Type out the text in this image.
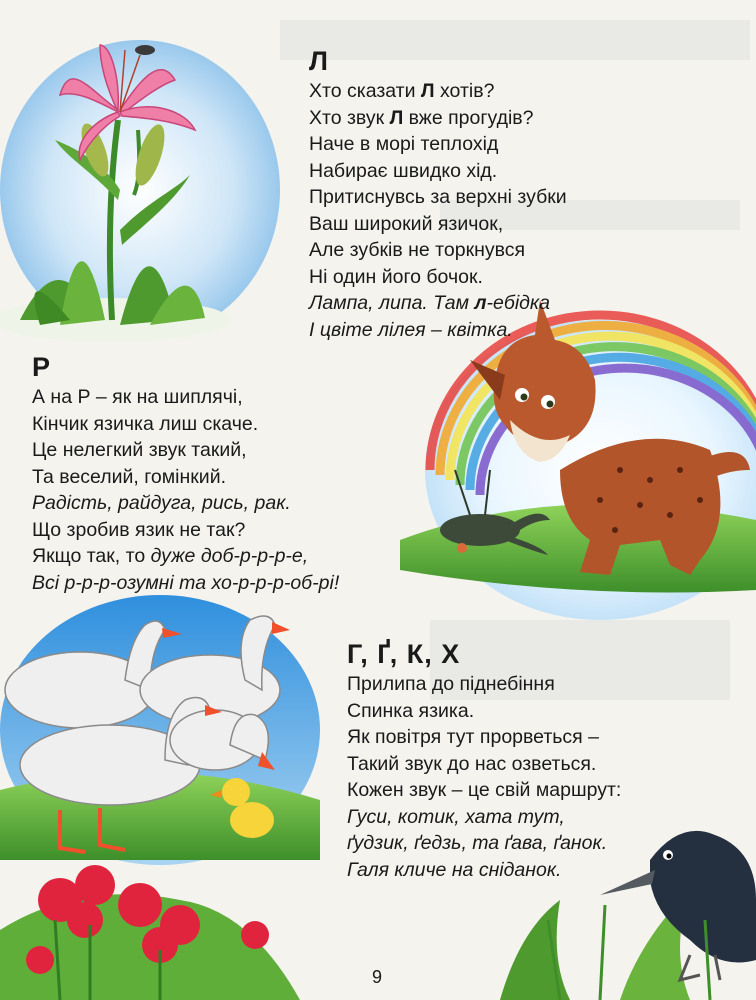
Л
Хто сказати Л хотів?
Хто звук Л вже прогудів?
Наче в морі теплохід
Набирає швидко хід.
Притиснувсь за верхні зубки
Ваш широкий язичок,
Але зубків не торкнувся
Ні один його бочок.
Лампа, липа. Там л-ебідка
І цвіте лілея – квітка.
Р
А на Р – як на шиплячі,
Кінчик язичка лиш скаче.
Це нелегкий звук такий,
Та веселий, гомінкий.
Радість, райдуга, рись, рак.
Що зробив язик не так?
Якщо так, то дуже доб-р-р-р-е,
Всі р-р-р-озумні та хо-р-р-р-об-рі!
Г, Ґ, К, Х
Прилипа до піднебіння
Спинка язика.
Як повітря тут прорветься –
Такий звук до нас озветься.
Кожен звук – це свій маршрут:
Гуси, котик, хата тут,
ґудзик, ґедзь, та ґава, ґанок.
Галя кличе на сніданок.
9
